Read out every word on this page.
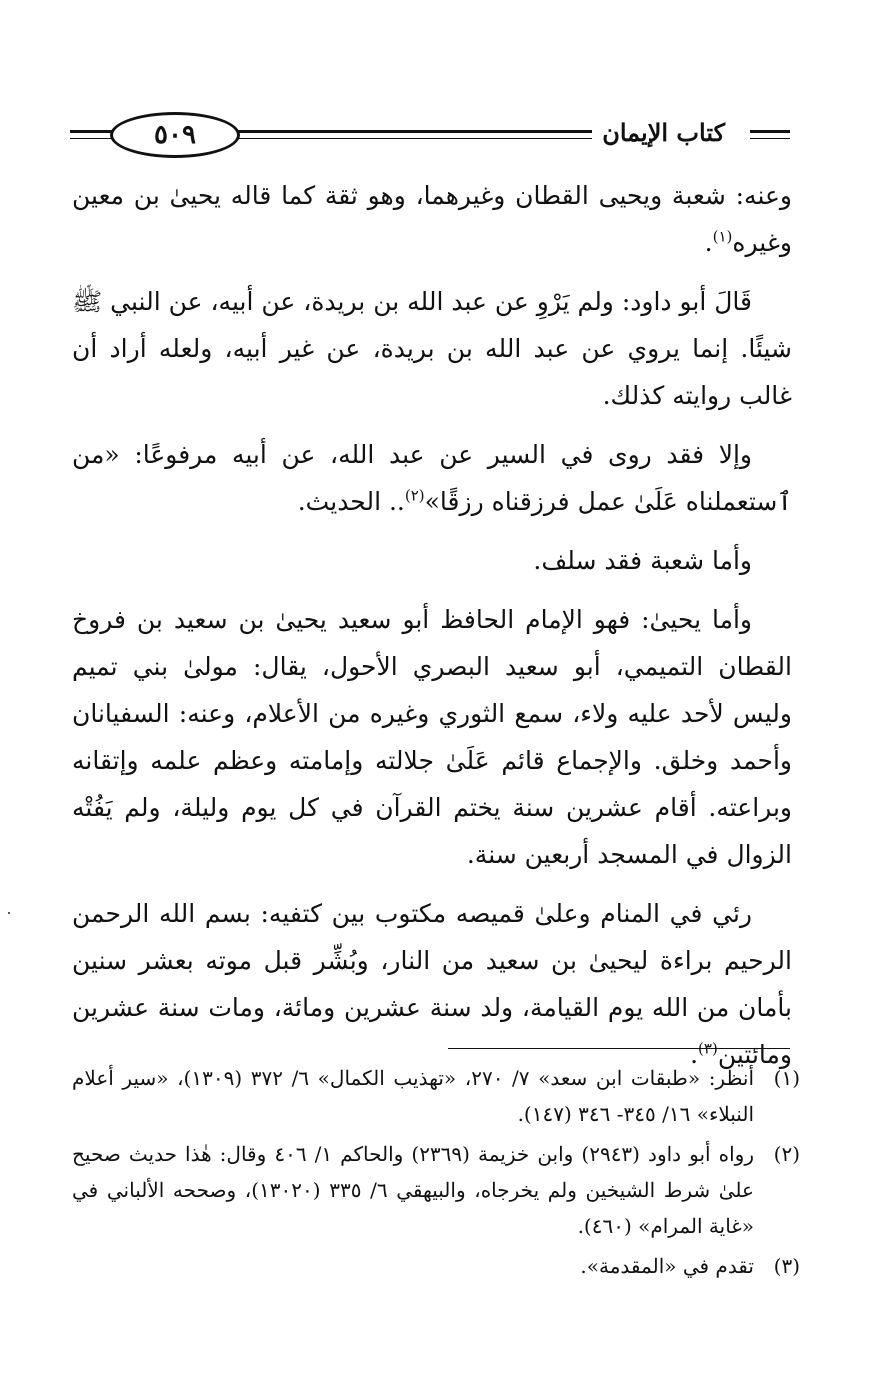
٥٠٩	كتاب الإيمان

وعنه: شعبة ويحيى القطان وغيرهما، وهو ثقة كما قاله يحيىٰ بن معين وغيره$^{(١)}$.

قَالَ أبو داود: ولم يَرْوِ عن عبد الله بن بريدة، عن أبيه، عن النبي ﷺ شيئًا. إنما يروي عن عبد الله بن بريدة، عن غير أبيه، ولعله أراد أن غالب روايته كذلك.

وإلا فقد روى في السير عن عبد الله، عن أبيه مرفوعًا: «من ٱستعملناه عَلَىٰ عمل فرزقناه رزقًا»$^{(٢)}$.. الحديث.

وأما شعبة فقد سلف.

وأما يحيىٰ: فهو الإمام الحافظ أبو سعيد يحيىٰ بن سعيد بن فروخ القطان التميمي، أبو سعيد البصري الأحول، يقال: مولىٰ بني تميم وليس لأحد عليه ولاء، سمع الثوري وغيره من الأعلام، وعنه: السفيانان وأحمد وخلق. والإجماع قائم عَلَىٰ جلالته وإمامته وعظم علمه وإتقانه وبراعته. أقام عشرين سنة يختم القرآن في كل يوم وليلة، ولم يَفُتْه الزوال في المسجد أربعين سنة.

رئي في المنام وعلىٰ قميصه مكتوب بين كتفيه: بسم الله الرحمن الرحيم براءة ليحيىٰ بن سعيد من النار، وبُشِّر قبل موته بعشر سنين بأمان من الله يوم القيامة، ولد سنة عشرين ومائة، ومات سنة عشرين ومائتين$^{(٣)}$.

(١)
أنظر: «طبقات ابن سعد» ٧/ ٢٧٠، «تهذيب الكمال» ٦/ ٣٧٢ (١٣٠٩)، «سير أعلام النبلاء» ١٦/ ٣٤٥- ٣٤٦ (١٤٧).
(٢)
رواه أبو داود (٢٩٤٣) وابن خزيمة (٢٣٦٩) والحاكم ١/ ٤٠٦ وقال: هٰذا حديث صحيح علىٰ شرط الشيخين ولم يخرجاه، والبيهقي ٦/ ٣٣٥ (١٣٠٢٠)، وصححه الألباني في «غاية المرام» (٤٦٠).
(٣)
تقدم في «المقدمة».
